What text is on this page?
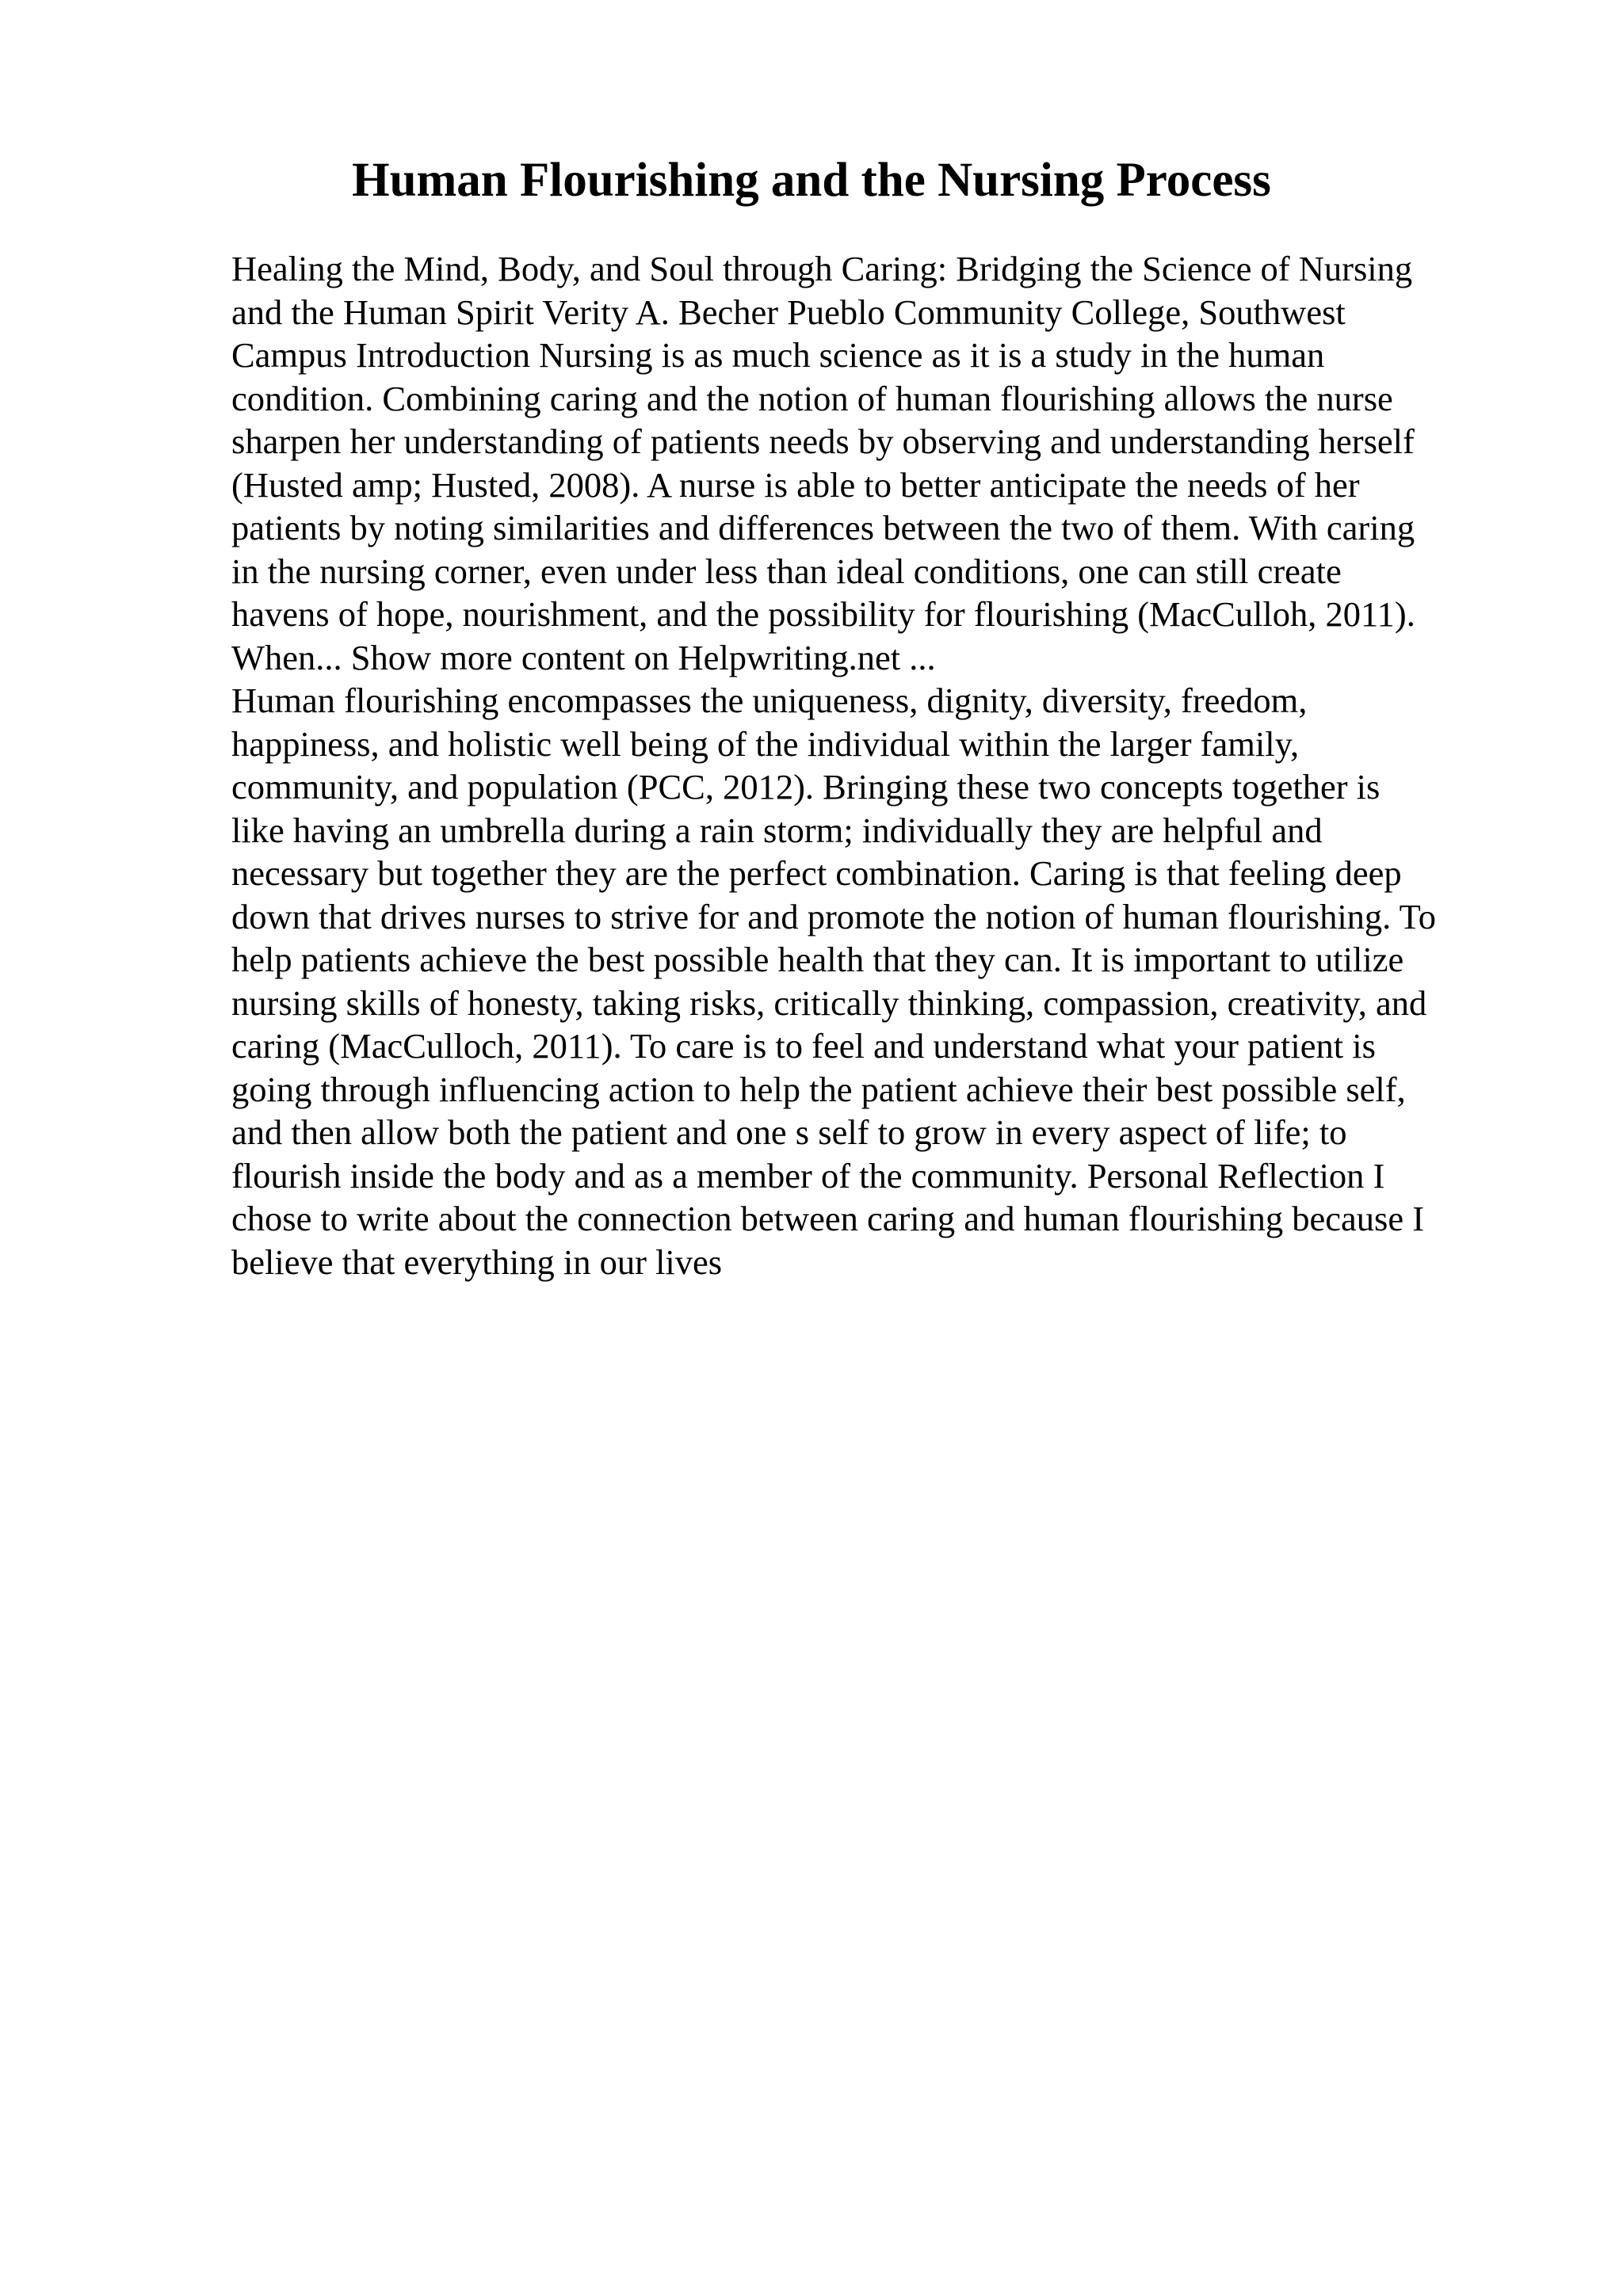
Human Flourishing and the Nursing Process
Healing the Mind, Body, and Soul through Caring: Bridging the Science of Nursing
and the Human Spirit Verity A. Becher Pueblo Community College, Southwest
Campus Introduction Nursing is as much science as it is a study in the human
condition. Combining caring and the notion of human flourishing allows the nurse
sharpen her understanding of patients needs by observing and understanding herself
(Husted amp; Husted, 2008). A nurse is able to better anticipate the needs of her
patients by noting similarities and differences between the two of them. With caring
in the nursing corner, even under less than ideal conditions, one can still create
havens of hope, nourishment, and the possibility for flourishing (MacCulloh, 2011).
When... Show more content on Helpwriting.net ...
Human flourishing encompasses the uniqueness, dignity, diversity, freedom,
happiness, and holistic well being of the individual within the larger family,
community, and population (PCC, 2012). Bringing these two concepts together is
like having an umbrella during a rain storm; individually they are helpful and
necessary but together they are the perfect combination. Caring is that feeling deep
down that drives nurses to strive for and promote the notion of human flourishing. To
help patients achieve the best possible health that they can. It is important to utilize
nursing skills of honesty, taking risks, critically thinking, compassion, creativity, and
caring (MacCulloch, 2011). To care is to feel and understand what your patient is
going through influencing action to help the patient achieve their best possible self,
and then allow both the patient and one s self to grow in every aspect of life; to
flourish inside the body and as a member of the community. Personal Reflection I
chose to write about the connection between caring and human flourishing because I
believe that everything in our lives
